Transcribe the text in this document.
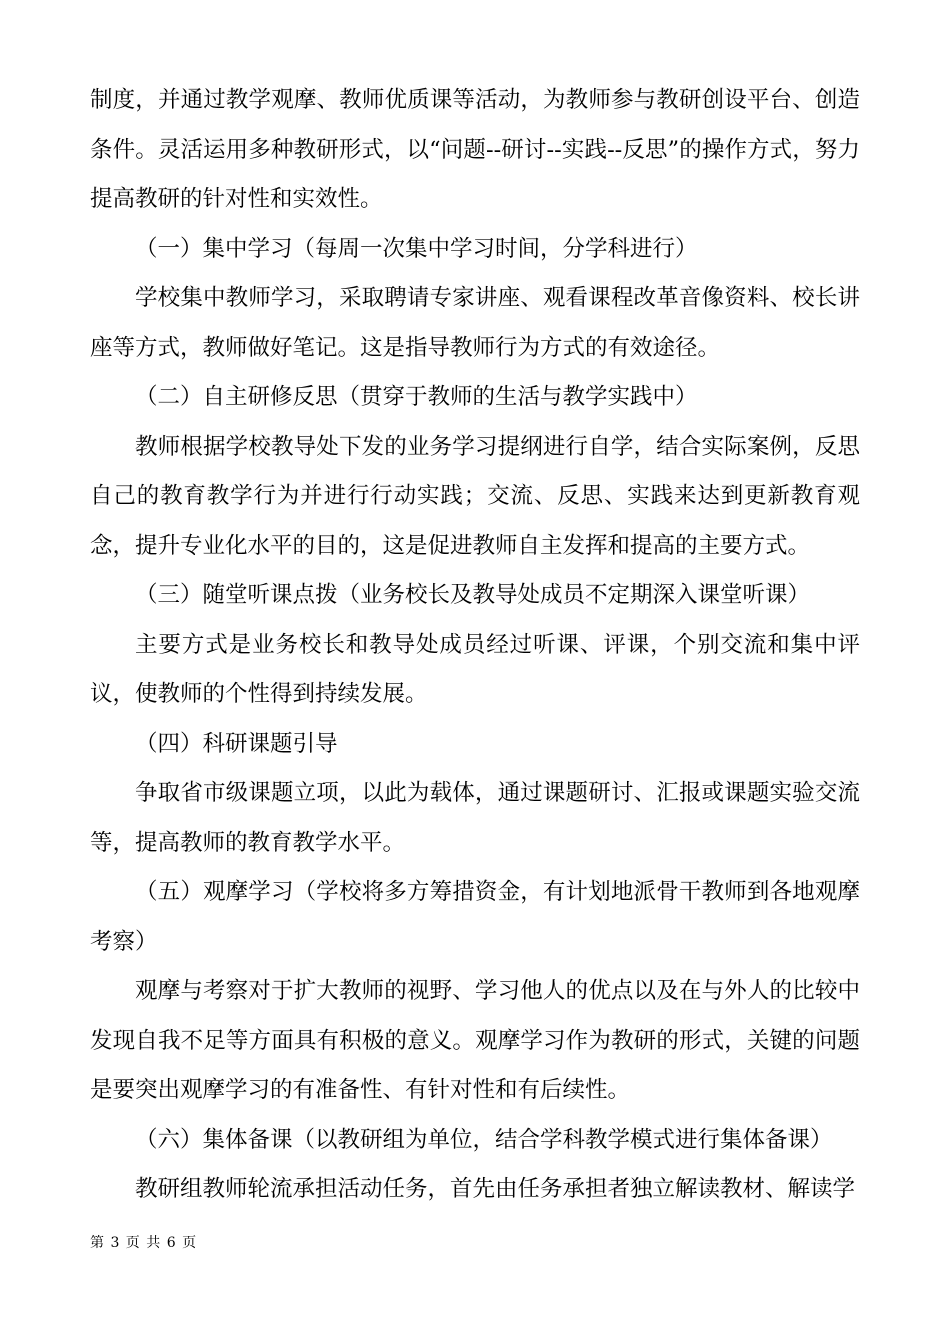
制度，并通过教学观摩、教师优质课等活动，为教师参与教研创设平台、创造条件。灵活运用多种教研形式，以“问题--研讨--实践--反思”的操作方式，努力提高教研的针对性和实效性。

（一）集中学习（每周一次集中学习时间，分学科进行）

学校集中教师学习，采取聘请专家讲座、观看课程改革音像资料、校长讲座等方式，教师做好笔记。这是指导教师行为方式的有效途径。

（二）自主研修反思（贯穿于教师的生活与教学实践中）

教师根据学校教导处下发的业务学习提纲进行自学，结合实际案例，反思自己的教育教学行为并进行行动实践；交流、反思、实践来达到更新教育观念，提升专业化水平的目的，这是促进教师自主发挥和提高的主要方式。

（三）随堂听课点拨（业务校长及教导处成员不定期深入课堂听课）

主要方式是业务校长和教导处成员经过听课、评课，个别交流和集中评议，使教师的个性得到持续发展。

（四）科研课题引导

争取省市级课题立项，以此为载体，通过课题研讨、汇报或课题实验交流等，提高教师的教育教学水平。

（五）观摩学习（学校将多方筹措资金，有计划地派骨干教师到各地观摩考察）

观摩与考察对于扩大教师的视野、学习他人的优点以及在与外人的比较中发现自我不足等方面具有积极的意义。观摩学习作为教研的形式，关键的问题是要突出观摩学习的有准备性、有针对性和有后续性。

（六）集体备课（以教研组为单位，结合学科教学模式进行集体备课）

教研组教师轮流承担活动任务，首先由任务承担者独立解读教材、解读学

第 3 页 共 6 页
